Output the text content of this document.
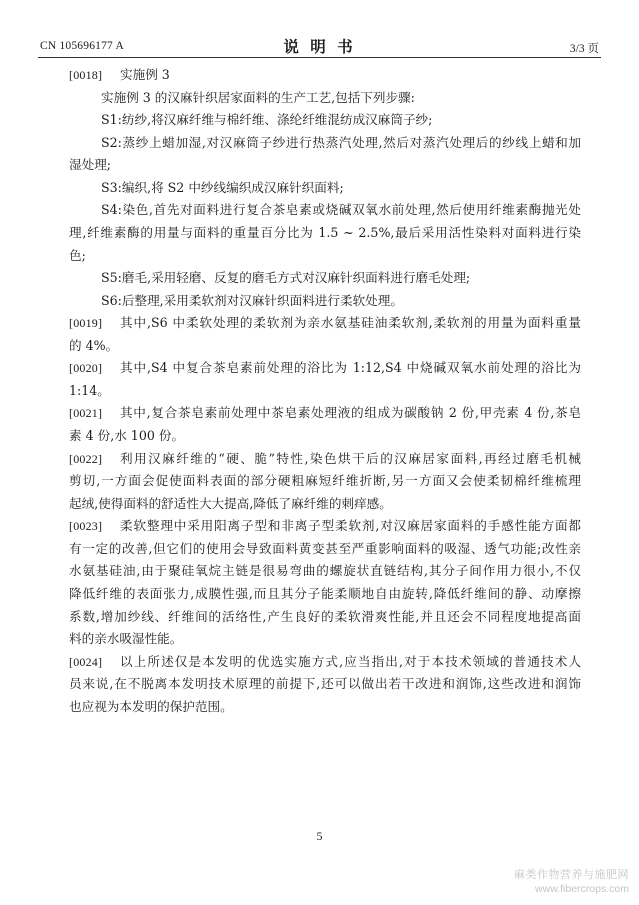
CN 105696177 A	说 明 书	3/3 页
[0018]	实施例 3
实施例 3 的汉麻针织居家面料的生产工艺,包括下列步骤:
S1:纺纱,将汉麻纤维与棉纤维、涤纶纤维混纺成汉麻筒子纱;
S2:蒸纱上蜡加湿,对汉麻筒子纱进行热蒸汽处理,然后对蒸汽处理后的纱线上蜡和加
湿处理;
S3:编织,将 S2 中纱线编织成汉麻针织面料;
S4:染色,首先对面料进行复合茶皂素或烧碱双氧水前处理,然后使用纤维素酶抛光处
理,纤维素酶的用量与面料的重量百分比为 1.5 ~ 2.5%,最后采用活性染料对面料进行染
色;
S5:磨毛,采用轻磨、反复的磨毛方式对汉麻针织面料进行磨毛处理;
S6:后整理,采用柔软剂对汉麻针织面料进行柔软处理。
[0019]	其中,S6 中柔软处理的柔软剂为亲水氨基硅油柔软剂,柔软剂的用量为面料重量
的 4%。
[0020]	其中,S4 中复合茶皂素前处理的浴比为 1:12,S4 中烧碱双氧水前处理的浴比为
1:14。
[0021]	其中,复合茶皂素前处理中茶皂素处理液的组成为碳酸钠 2 份,甲壳素 4 份,茶皂
素 4 份,水 100 份。
[0022]	利用汉麻纤维的“硬、脆”特性,染色烘干后的汉麻居家面料,再经过磨毛机械
剪切,一方面会促使面料表面的部分硬粗麻短纤维折断,另一方面又会使柔韧棉纤维梳理
起绒,使得面料的舒适性大大提高,降低了麻纤维的刺痒感。
[0023]	柔软整理中采用阳离子型和非离子型柔软剂,对汉麻居家面料的手感性能方面都
有一定的改善,但它们的使用会导致面料黄变甚至严重影响面料的吸湿、透气功能;改性亲
水氨基硅油,由于聚硅氧烷主链是很易弯曲的螺旋状直链结构,其分子间作用力很小,不仅
降低纤维的表面张力,成膜性强,而且其分子能柔顺地自由旋转,降低纤维间的静、动摩擦
系数,增加纱线、纤维间的活络性,产生良好的柔软滑爽性能,并且还会不同程度地提高面
料的亲水吸湿性能。
[0024]	以上所述仅是本发明的优选实施方式,应当指出,对于本技术领域的普通技术人
员来说,在不脱离本发明技术原理的前提下,还可以做出若干改进和润饰,这些改进和润饰
也应视为本发明的保护范围。
5
麻类作物营养与施肥网
www.fibercrops.com
